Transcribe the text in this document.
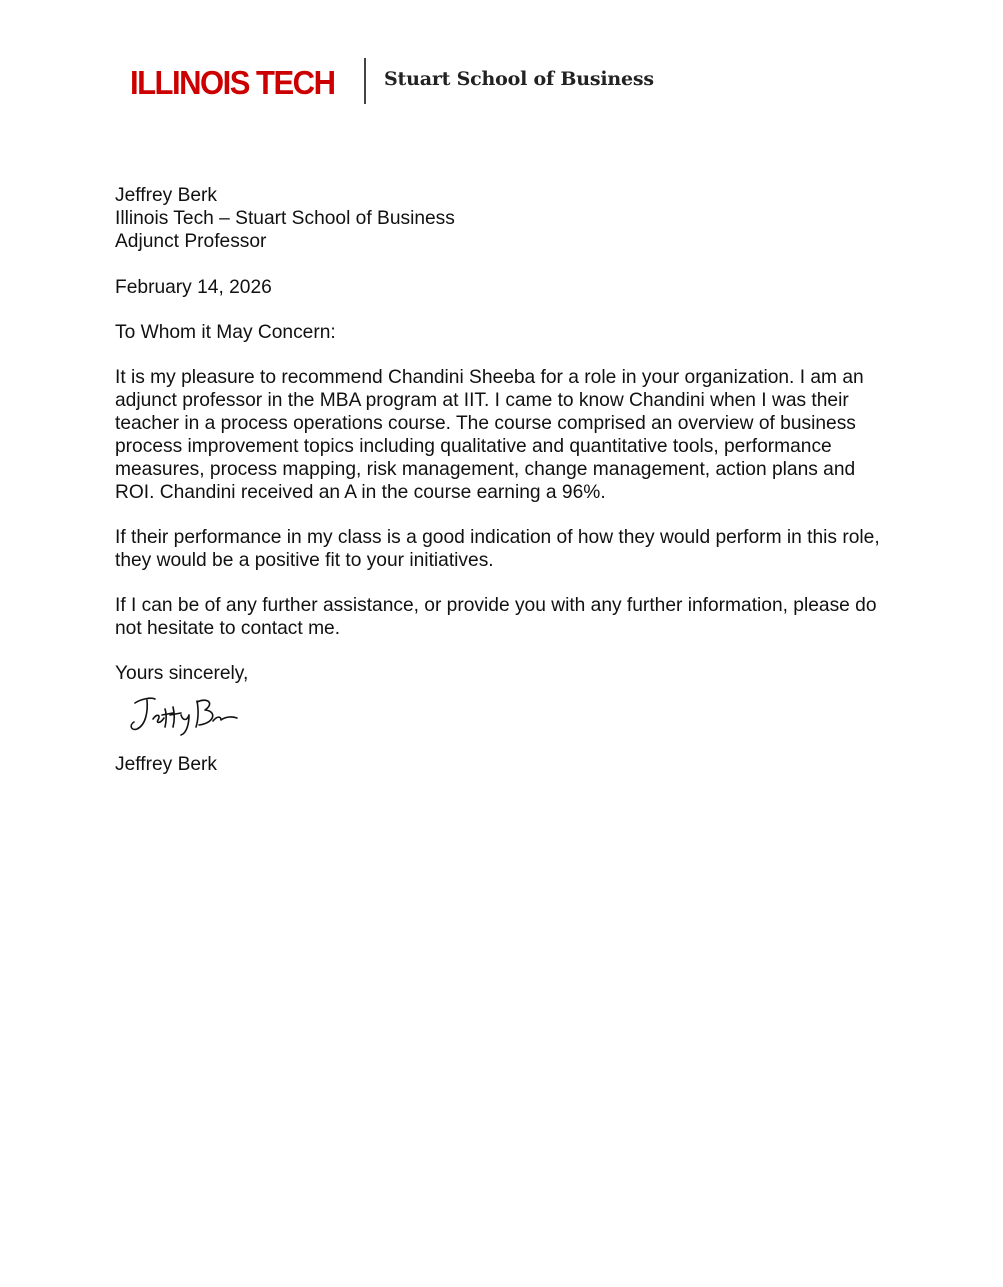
ILLINOIS TECH	Stuart School of Business
Jeffrey Berk
Illinois Tech – Stuart School of Business
Adjunct Professor

February 14, 2026

To Whom it May Concern:

It is my pleasure to recommend Chandini Sheeba for a role in your organization. I am an adjunct professor in the MBA program at IIT. I came to know Chandini when I was their teacher in a process operations course. The course comprised an overview of business process improvement topics including qualitative and quantitative tools, performance measures, process mapping, risk management, change management, action plans and ROI. Chandini received an A in the course earning a 96%.

If their performance in my class is a good indication of how they would perform in this role, they would be a positive fit to your initiatives.

If I can be of any further assistance, or provide you with any further information, please do not hesitate to contact me.

Yours sincerely,

Jeffrey Berk
